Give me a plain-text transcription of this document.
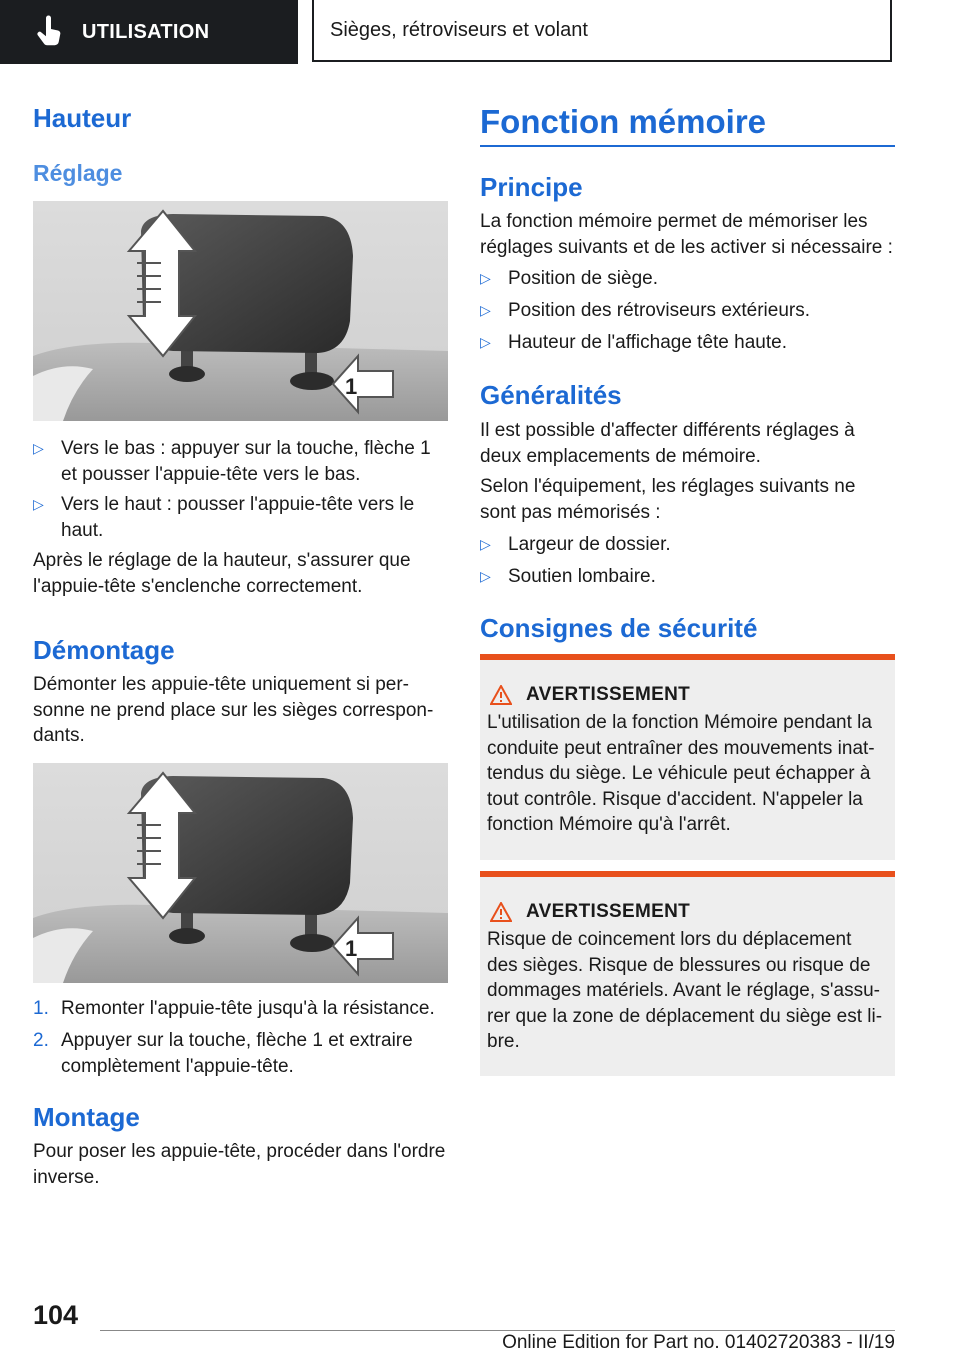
UTILISATION	Sièges, rétroviseurs et volant
Hauteur
Réglage
1
▷ Vers le bas : appuyer sur la touche, flèche 1 et pousser l'appuie-tête vers le bas.
▷ Vers le haut : pousser l'appuie-tête vers le haut.

Après le réglage de la hauteur, s'assurer que l'appuie-tête s'enclenche correctement.

Démontage

Démonter les appuie-tête uniquement si per-sonne ne prend place sur les sièges correspon-dants.

1
1. Remonter l'appuie-tête jusqu'à la résistance.
2. Appuyer sur la touche, flèche 1 et extraire complètement l'appuie-tête.
Montage

Pour poser les appuie-tête, procéder dans l'ordre inverse.

Fonction mémoire
Principe

La fonction mémoire permet de mémoriser les réglages suivants et de les activer si nécessaire :

▷ Position de siège.
▷ Position des rétroviseurs extérieurs.
▷ Hauteur de l'affichage tête haute.
Généralités

Il est possible d'affecter différents réglages à deux emplacements de mémoire.

Selon l'équipement, les réglages suivants ne sont pas mémorisés :

▷ Largeur de dossier.
▷ Soutien lombaire.
Consignes de sécurité
AVERTISSEMENT

L'utilisation de la fonction Mémoire pendant la conduite peut entraîner des mouvements inat-tendus du siège. Le véhicule peut échapper à tout contrôle. Risque d'accident. N'appeler la fonction Mémoire qu'à l'arrêt.

AVERTISSEMENT

Risque de coincement lors du déplacement des sièges. Risque de blessures ou risque de dommages matériels. Avant le réglage, s'assu-rer que la zone de déplacement du siège est li-bre.

104
Online Edition for Part no. 01402720383 - II/19
